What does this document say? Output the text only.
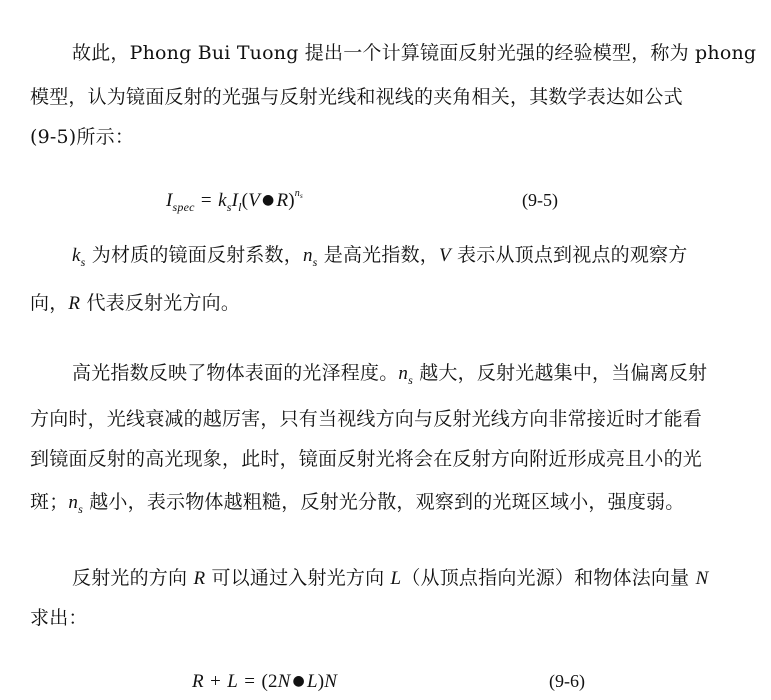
故此，Phong Bui Tuong 提出一个计算镜面反射光强的经验模型，称为 phong
模型，认为镜面反射的光强与反射光线和视线的夹角相关，其数学表达如公式
(9-5)所示：
$I_{spec} = k_sI_l(V$ ● R)$^{n_s}$	(9-5)
$k_s$ 为材质的镜面反射系数，$n_s$ 是高光指数，V 表示从顶点到视点的观察方
向，R 代表反射光方向。
高光指数反映了物体表面的光泽程度。$n_s$ 越大，反射光越集中，当偏离反射
方向时，光线衰减的越厉害，只有当视线方向与反射光线方向非常接近时才能看
到镜面反射的高光现象，此时，镜面反射光将会在反射方向附近形成亮且小的光
斑；$n_s$ 越小，表示物体越粗糙，反射光分散，观察到的光斑区域小，强度弱。
反射光的方向 R 可以通过入射光方向 L（从顶点指向光源）和物体法向量 N
求出：
R + L = (2N ● L)N	(9-6)
